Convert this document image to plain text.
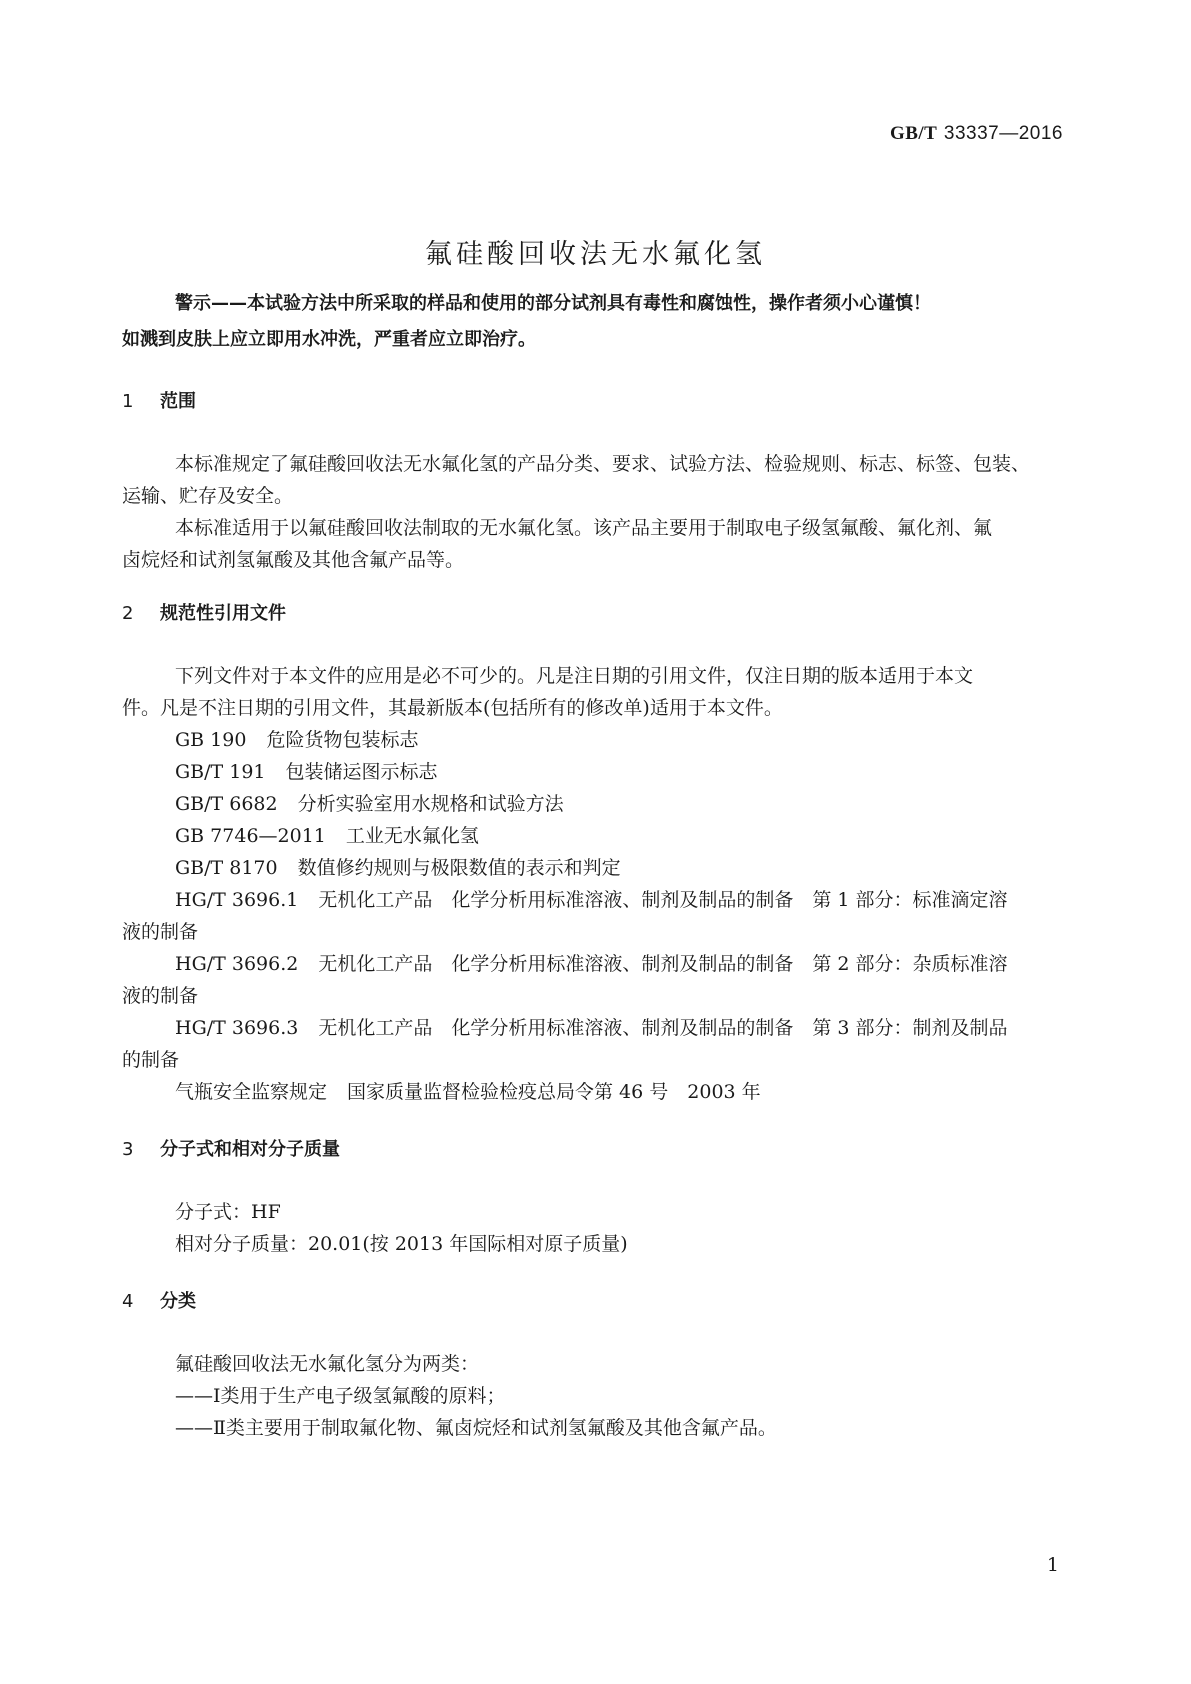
GB/T 33337—2016
氟硅酸回收法无水氟化氢
警示——本试验方法中所采取的样品和使用的部分试剂具有毒性和腐蚀性，操作者须小心谨慎！
如溅到皮肤上应立即用水冲洗，严重者应立即治疗。
1 范围
本标准规定了氟硅酸回收法无水氟化氢的产品分类、要求、试验方法、检验规则、标志、标签、包装、
运输、贮存及安全。
本标准适用于以氟硅酸回收法制取的无水氟化氢。该产品主要用于制取电子级氢氟酸、氟化剂、氟
卤烷烃和试剂氢氟酸及其他含氟产品等。
2 规范性引用文件
下列文件对于本文件的应用是必不可少的。凡是注日期的引用文件，仅注日期的版本适用于本文
件。凡是不注日期的引用文件，其最新版本(包括所有的修改单)适用于本文件。
GB 190 危险货物包装标志
GB/T 191 包装储运图示标志
GB/T 6682 分析实验室用水规格和试验方法
GB 7746—2011 工业无水氟化氢
GB/T 8170 数值修约规则与极限数值的表示和判定
HG/T 3696.1 无机化工产品　化学分析用标准溶液、制剂及制品的制备　第 1 部分：标准滴定溶
液的制备
HG/T 3696.2 无机化工产品　化学分析用标准溶液、制剂及制品的制备　第 2 部分：杂质标准溶
液的制备
HG/T 3696.3 无机化工产品　化学分析用标准溶液、制剂及制品的制备　第 3 部分：制剂及制品
的制备
气瓶安全监察规定 国家质量监督检验检疫总局令第 46 号　2003 年
3 分子式和相对分子质量
分子式：HF
相对分子质量：20.01(按 2013 年国际相对原子质量)
4 分类
氟硅酸回收法无水氟化氢分为两类：
——Ⅰ类用于生产电子级氢氟酸的原料；
——Ⅱ类主要用于制取氟化物、氟卤烷烃和试剂氢氟酸及其他含氟产品。
1
